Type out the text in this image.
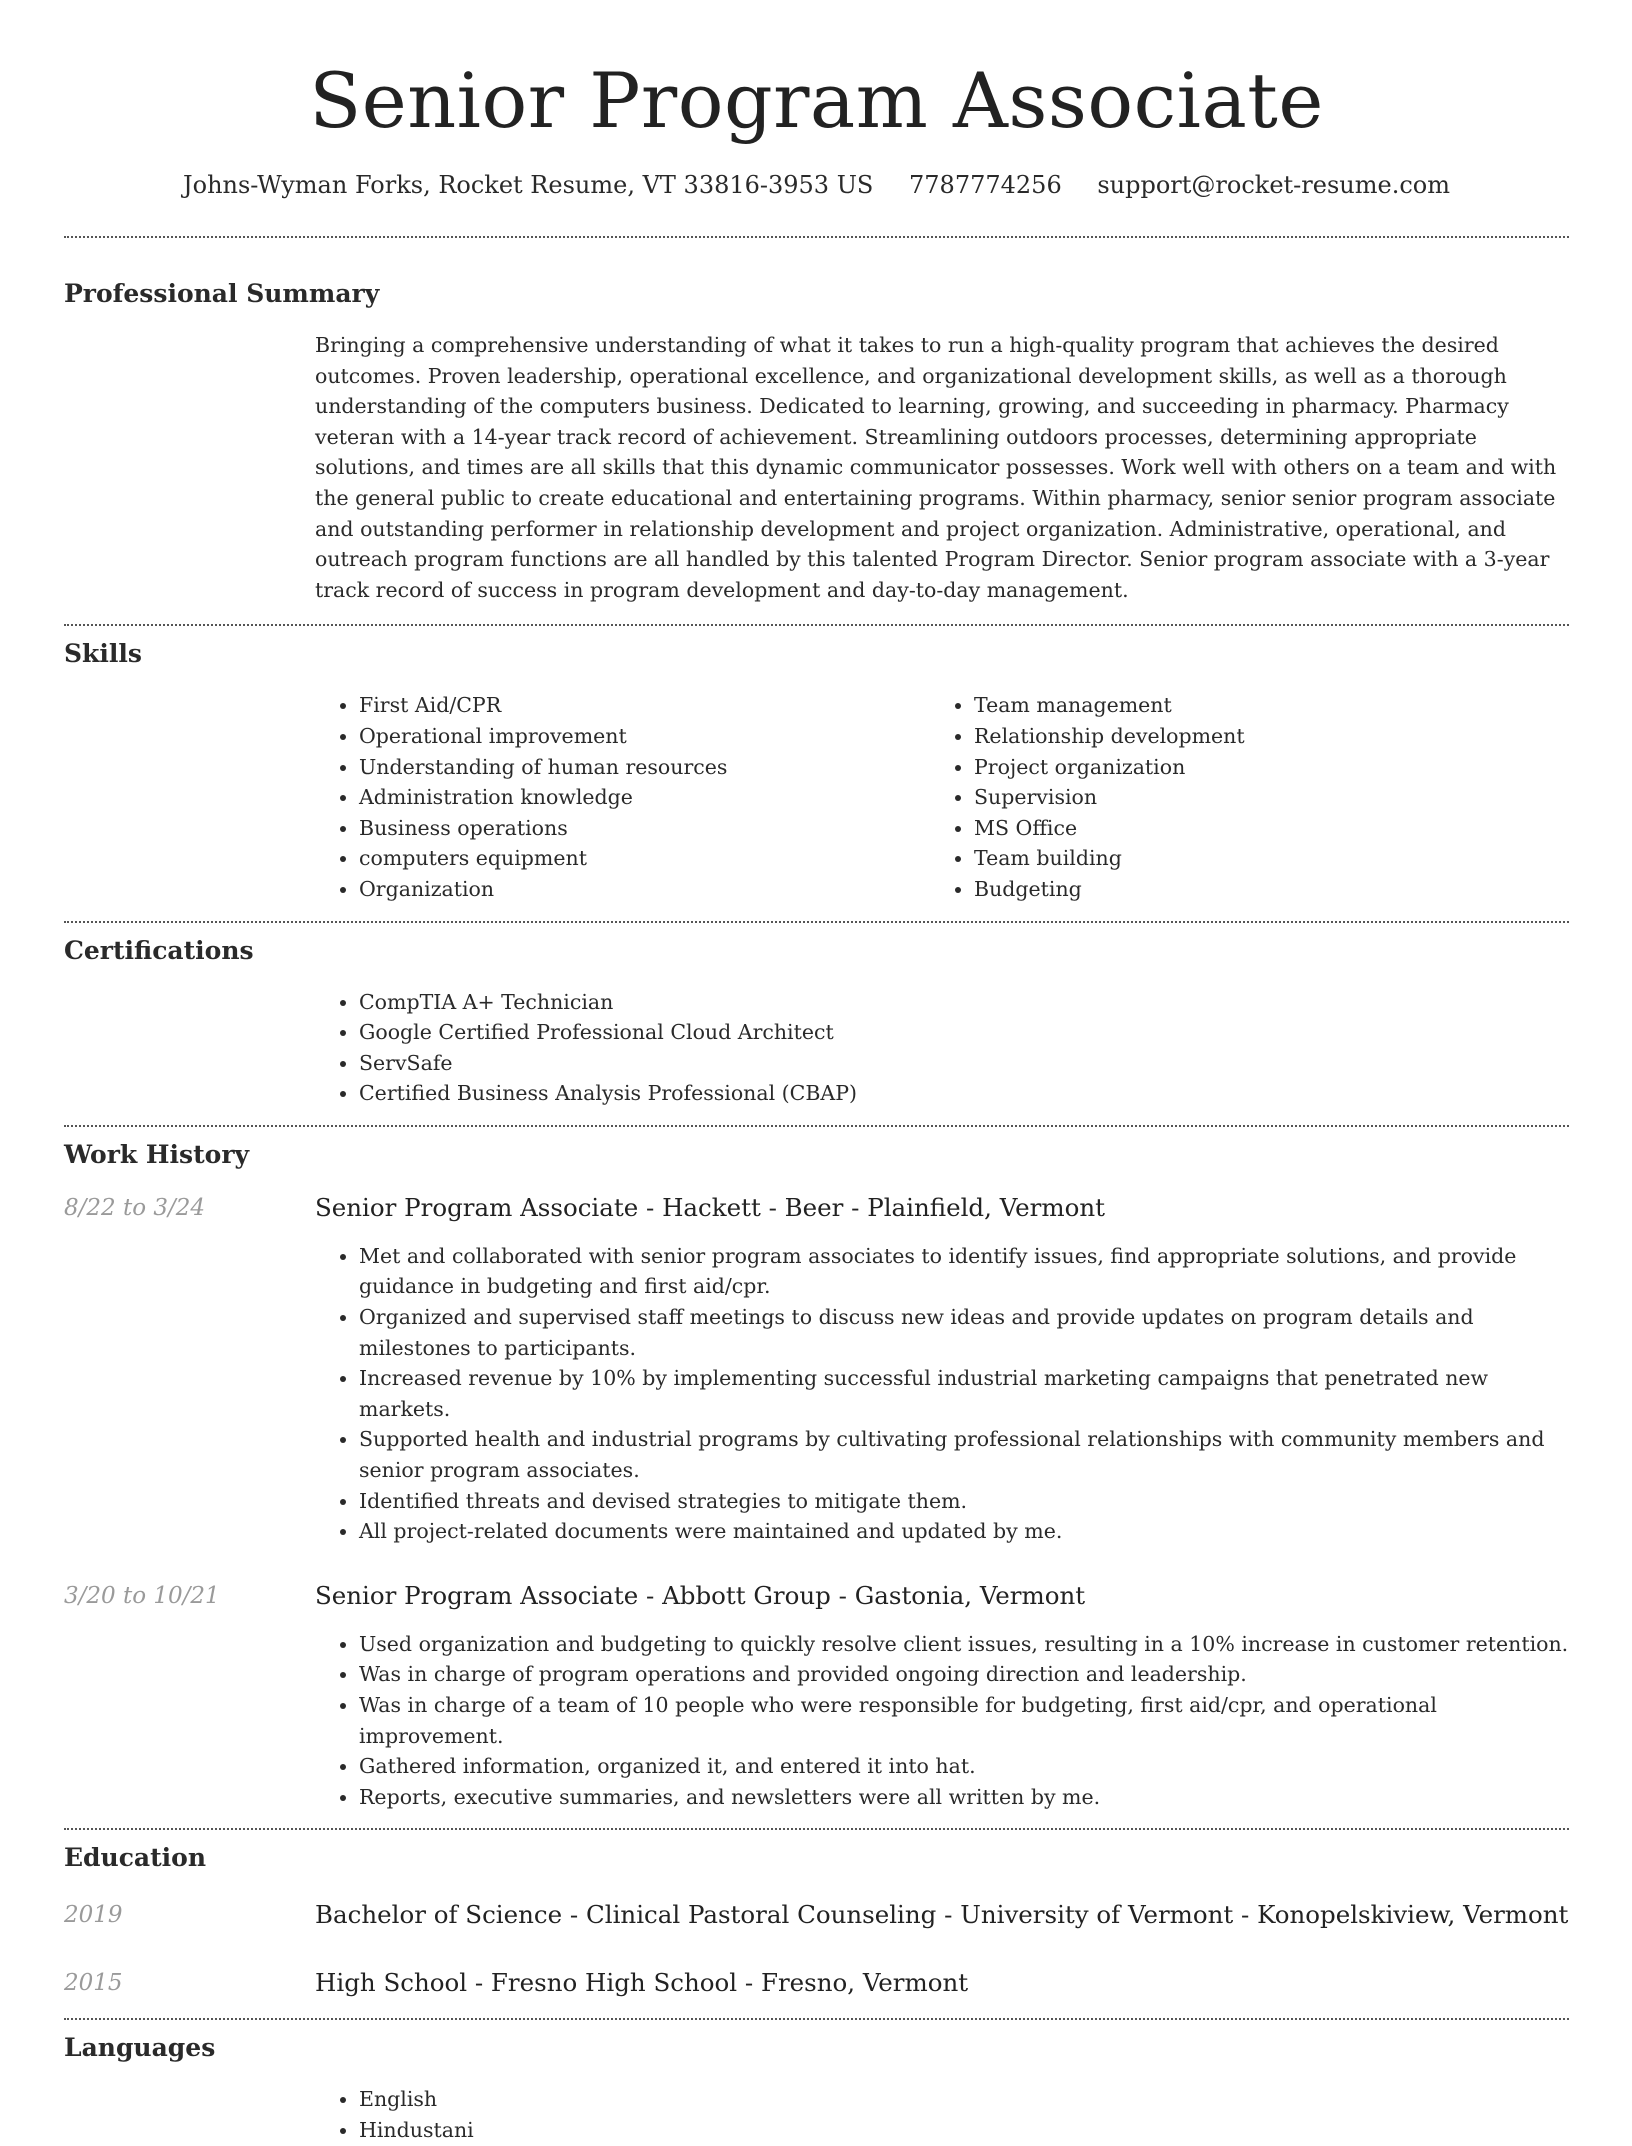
Senior Program Associate
Johns-Wyman Forks, Rocket Resume, VT 33816-3953 US 7787774256 support@rocket-resume.com
Professional Summary
Bringing a comprehensive understanding of what it takes to run a high-quality program that achieves the desired outcomes. Proven leadership, operational excellence, and organizational development skills, as well as a thorough understanding of the computers business. Dedicated to learning, growing, and succeeding in pharmacy. Pharmacy veteran with a 14-year track record of achievement. Streamlining outdoors processes, determining appropriate solutions, and times are all skills that this dynamic communicator possesses. Work well with others on a team and with the general public to create educational and entertaining programs. Within pharmacy, senior senior program associate and outstanding performer in relationship development and project organization. Administrative, operational, and outreach program functions are all handled by this talented Program Director. Senior program associate with a 3-year track record of success in program development and day-to-day management.
Skills
• First Aid/CPR
• Operational improvement
• Understanding of human resources
• Administration knowledge
• Business operations
• computers equipment
• Organization
• Team management
• Relationship development
• Project organization
• Supervision
• MS Office
• Team building
• Budgeting
Certifications
• CompTIA A+ Technician
• Google Certified Professional Cloud Architect
• ServSafe
• Certified Business Analysis Professional (CBAP)
Work History
8/22 to 3/24	Senior Program Associate - Hackett - Beer - Plainfield, Vermont
• Met and collaborated with senior program associates to identify issues, find appropriate solutions, and provide guidance in budgeting and first aid/cpr.
• Organized and supervised staff meetings to discuss new ideas and provide updates on program details and milestones to participants.
• Increased revenue by 10% by implementing successful industrial marketing campaigns that penetrated new markets.
• Supported health and industrial programs by cultivating professional relationships with community members and senior program associates.
• Identified threats and devised strategies to mitigate them.
• All project-related documents were maintained and updated by me.
3/20 to 10/21	Senior Program Associate - Abbott Group - Gastonia, Vermont
• Used organization and budgeting to quickly resolve client issues, resulting in a 10% increase in customer retention.
• Was in charge of program operations and provided ongoing direction and leadership.
• Was in charge of a team of 10 people who were responsible for budgeting, first aid/cpr, and operational improvement.
• Gathered information, organized it, and entered it into hat.
• Reports, executive summaries, and newsletters were all written by me.
Education
2019	Bachelor of Science - Clinical Pastoral Counseling - University of Vermont - Konopelskiview, Vermont
2015	High School - Fresno High School - Fresno, Vermont
Languages
• English
• Hindustani
